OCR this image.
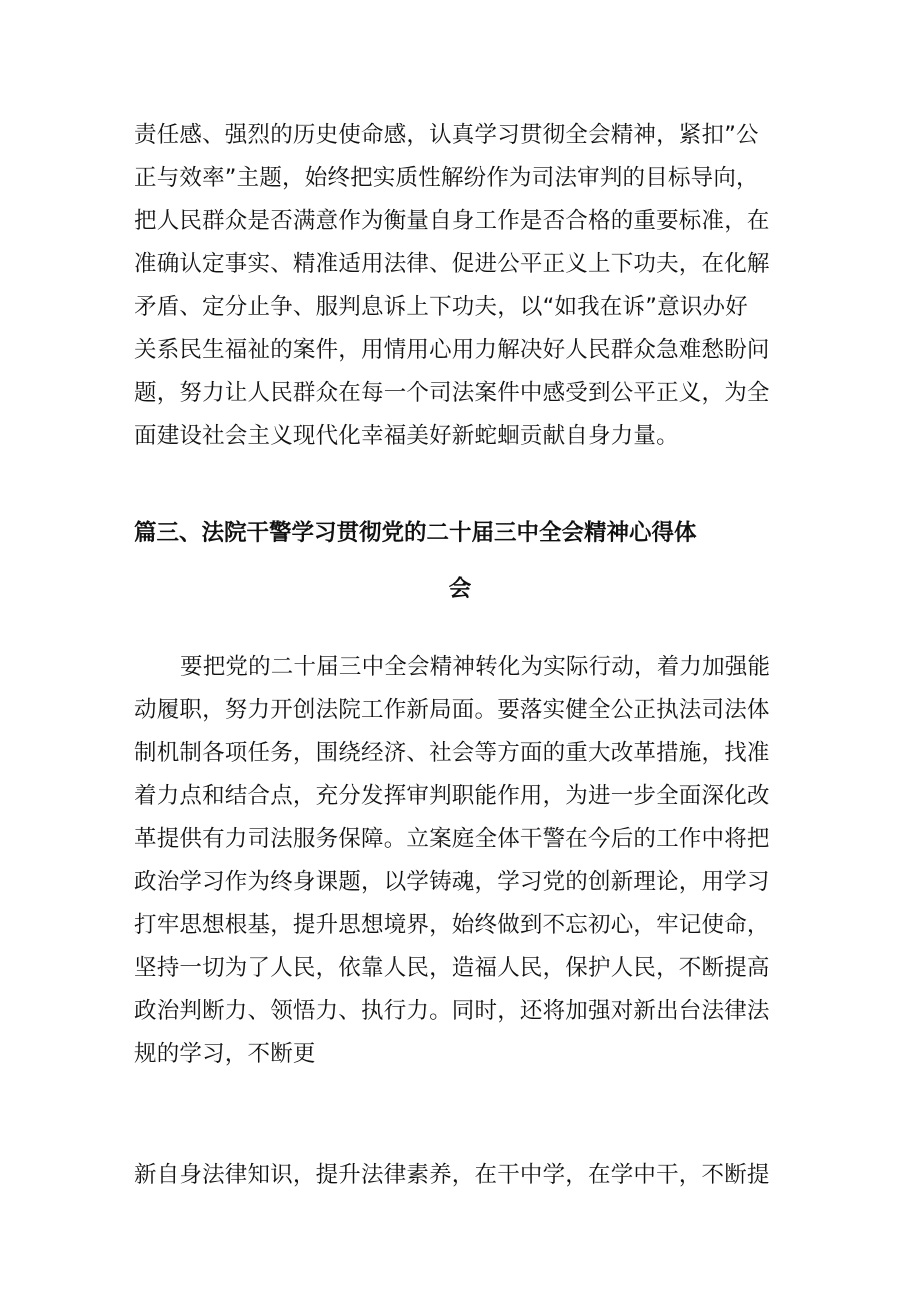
责任感、强烈的历史使命感，认真学习贯彻全会精神，紧扣”公
正与效率”主题，始终把实质性解纷作为司法审判的目标导向，
把人民群众是否满意作为衡量自身工作是否合格的重要标准，在
准确认定事实、精准适用法律、促进公平正义上下功夫，在化解
矛盾、定分止争、服判息诉上下功夫，以“如我在诉”意识办好
关系民生福祉的案件，用情用心用力解决好人民群众急难愁盼问
题，努力让人民群众在每一个司法案件中感受到公平正义，为全
面建设社会主义现代化幸福美好新蛇蛔贡献自身力量。
篇三、法院干警学习贯彻党的二十届三中全会精神心得体
会
要把党的二十届三中全会精神转化为实际行动，着力加强能
动履职，努力开创法院工作新局面。要落实健全公正执法司法体
制机制各项任务，围绕经济、社会等方面的重大改革措施，找准
着力点和结合点，充分发挥审判职能作用，为进一步全面深化改
革提供有力司法服务保障。立案庭全体干警在今后的工作中将把
政治学习作为终身课题，以学铸魂，学习党的创新理论，用学习
打牢思想根基，提升思想境界，始终做到不忘初心，牢记使命，
坚持一切为了人民，依靠人民，造福人民，保护人民，不断提高
政治判断力、领悟力、执行力。同时，还将加强对新出台法律法
规的学习，不断更
新自身法律知识，提升法律素养，在干中学，在学中干，不断提
